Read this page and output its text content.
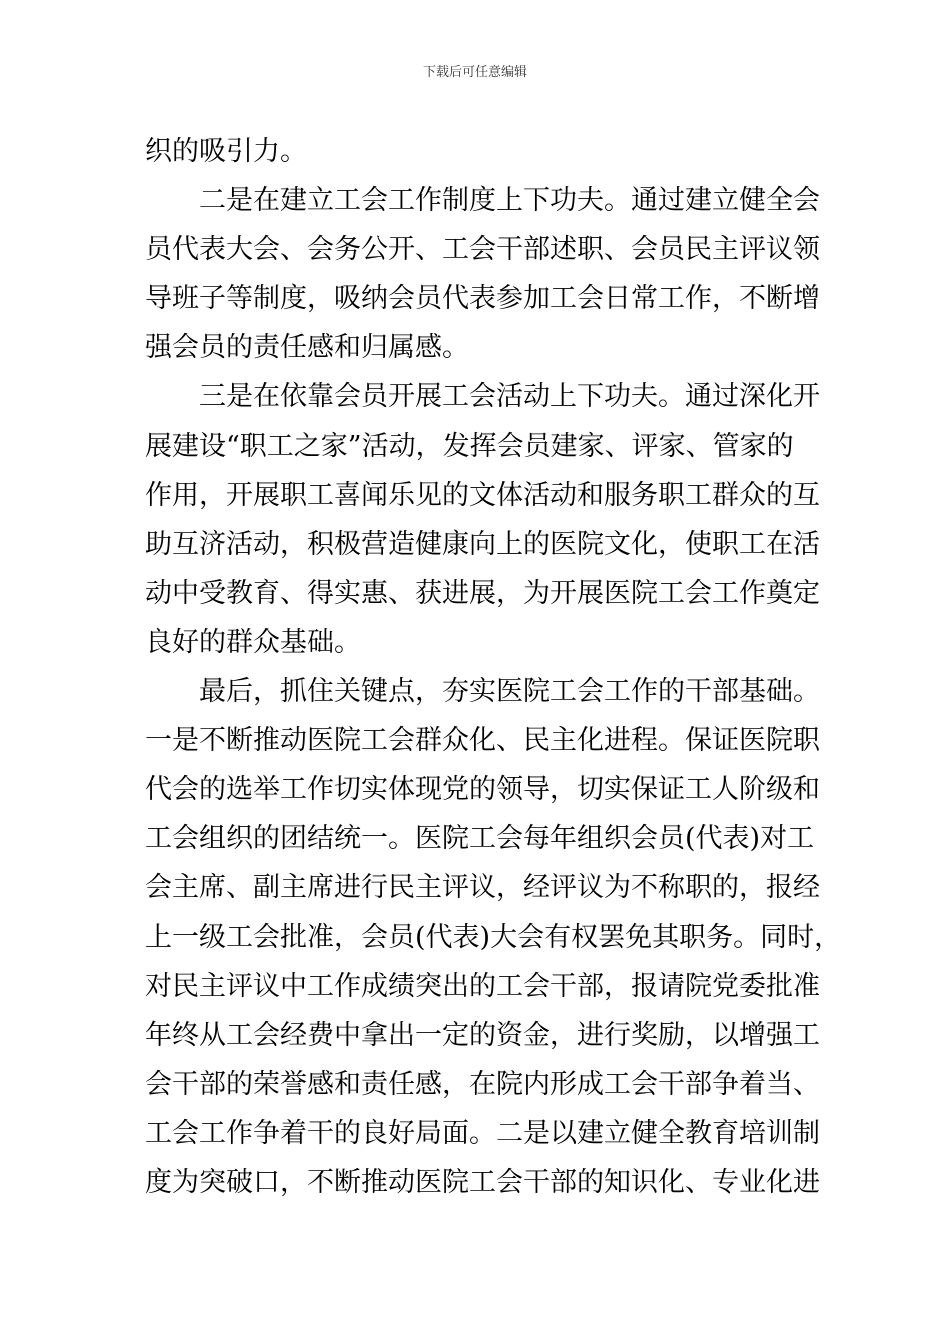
下载后可任意编辑
织的吸引力。
　　二是在建立工会工作制度上下功夫。通过建立健全会
员代表大会、会务公开、工会干部述职、会员民主评议领
导班子等制度，吸纳会员代表参加工会日常工作，不断增
强会员的责任感和归属感。
　　三是在依靠会员开展工会活动上下功夫。通过深化开
展建设“职工之家”活动，发挥会员建家、评家、管家的
作用，开展职工喜闻乐见的文体活动和服务职工群众的互
助互济活动，积极营造健康向上的医院文化，使职工在活
动中受教育、得实惠、获进展，为开展医院工会工作奠定
良好的群众基础。
　　最后，抓住关键点，夯实医院工会工作的干部基础。
一是不断推动医院工会群众化、民主化进程。保证医院职
代会的选举工作切实体现党的领导，切实保证工人阶级和
工会组织的团结统一。医院工会每年组织会员(代表)对工
会主席、副主席进行民主评议，经评议为不称职的，报经
上一级工会批准，会员(代表)大会有权罢免其职务。同时，
对民主评议中工作成绩突出的工会干部，报请院党委批准
年终从工会经费中拿出一定的资金，进行奖励，以增强工
会干部的荣誉感和责任感，在院内形成工会干部争着当、
工会工作争着干的良好局面。二是以建立健全教育培训制
度为突破口，不断推动医院工会干部的知识化、专业化进
